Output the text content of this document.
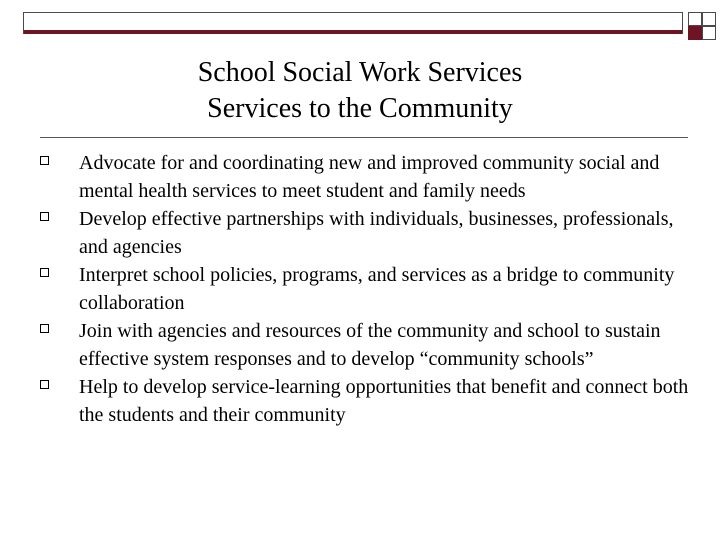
School Social Work Services
Services to the Community
Advocate for and coordinating new and improved community social and mental health services to meet student and family needs
Develop effective partnerships with individuals, businesses, professionals, and agencies
Interpret school policies, programs, and services as a bridge to community collaboration
Join with agencies and resources of the community and school to sustain effective system responses and to develop “community schools”
Help to develop service-learning opportunities that benefit and connect both the students and their community
